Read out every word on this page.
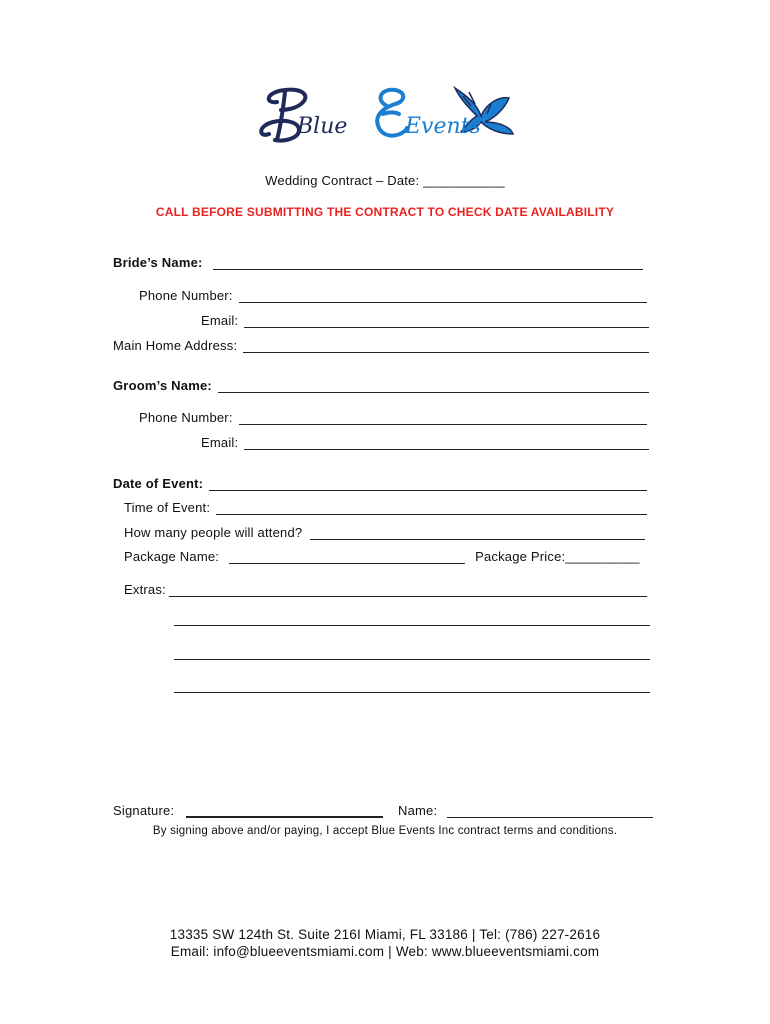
Blue	Events
Wedding Contract – Date: ___________
CALL BEFORE SUBMITTING THE CONTRACT TO CHECK DATE AVAILABILITY
Bride’s Name:
Phone Number:
Email:
Main Home Address:
Groom’s Name:
Phone Number:
Email:
Date of Event:
Time of Event:
How many people will attend?
Package Name:	Package Price:__________
Extras:
Signature:	Name:
By signing above and/or paying, I accept Blue Events Inc contract terms and conditions.
13335 SW 124th St. Suite 216I Miami, FL 33186 | Tel: (786) 227-2616
Email: info@blueeventsmiami.com | Web: www.blueeventsmiami.com
